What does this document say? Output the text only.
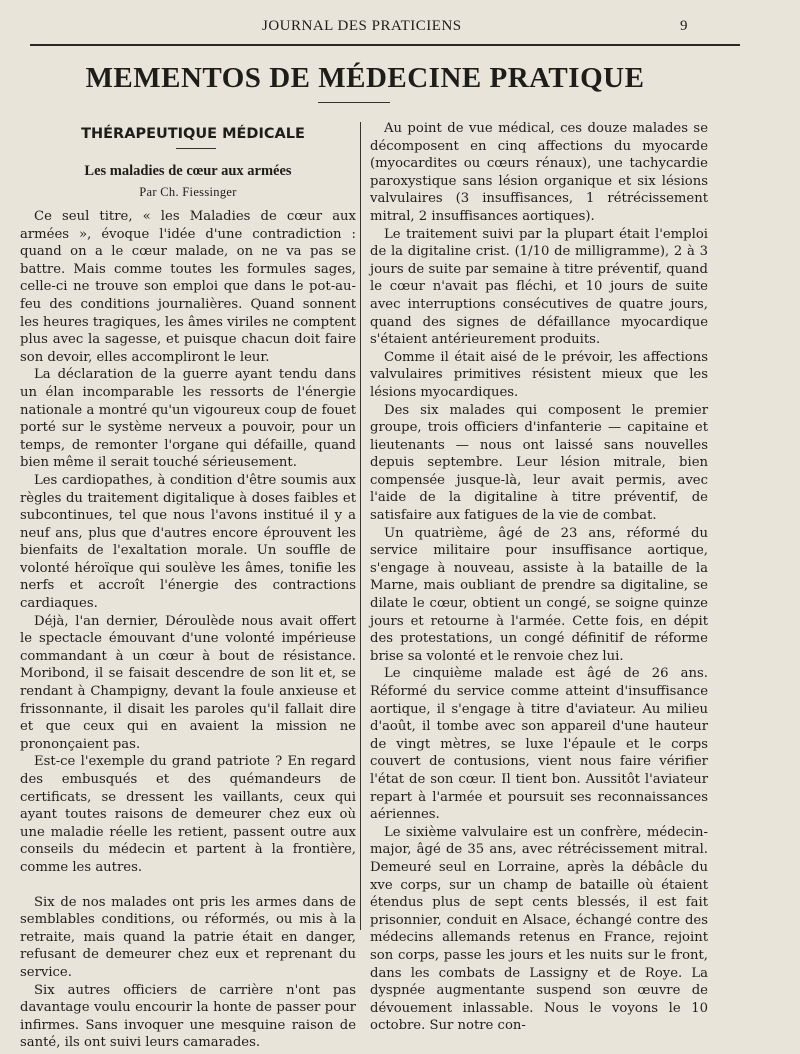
JOURNAL DES PRATICIENS	9
MEMENTOS DE MÉDECINE PRATIQUE
THÉRAPEUTIQUE MÉDICALE
Les maladies de cœur aux armées
Par Ch. Fiessinger

Ce seul titre, « les Maladies de cœur aux armées », évoque l'idée d'une contradiction : quand on a le cœur malade, on ne va pas se battre. Mais comme toutes les formules sages, celle-ci ne trouve son emploi que dans le pot-au-feu des conditions journalières. Quand sonnent les heures tragiques, les âmes viriles ne comptent plus avec la sagesse, et puisque chacun doit faire son devoir, elles accompliront le leur.

La déclaration de la guerre ayant tendu dans un élan incomparable les ressorts de l'énergie nationale a montré qu'un vigoureux coup de fouet porté sur le système nerveux a pouvoir, pour un temps, de remonter l'organe qui défaille, quand bien même il serait touché sérieusement.

Les cardiopathes, à condition d'être soumis aux règles du traitement digitalique à doses faibles et subcontinues, tel que nous l'avons institué il y a neuf ans, plus que d'autres encore éprouvent les bienfaits de l'exaltation morale. Un souffle de volonté héroïque qui soulève les âmes, tonifie les nerfs et accroît l'énergie des contractions cardiaques.

Déjà, l'an dernier, Déroulède nous avait offert le spectacle émouvant d'une volonté impérieuse commandant à un cœur à bout de résistance. Moribond, il se faisait descendre de son lit et, se rendant à Champigny, devant la foule anxieuse et frissonnante, il disait les paroles qu'il fallait dire et que ceux qui en avaient la mission ne prononçaient pas.

Est-ce l'exemple du grand patriote ? En regard des embusqués et des quémandeurs de certificats, se dressent les vaillants, ceux qui ayant toutes raisons de demeurer chez eux où une maladie réelle les retient, passent outre aux conseils du médecin et partent à la frontière, comme les autres.

Six de nos malades ont pris les armes dans de semblables conditions, ou réformés, ou mis à la retraite, mais quand la patrie était en danger, refusant de demeurer chez eux et reprenant du service.

Six autres officiers de carrière n'ont pas davantage voulu encourir la honte de passer pour infirmes. Sans invoquer une mesquine raison de santé, ils ont suivi leurs camarades.

Au point de vue médical, ces douze malades se décomposent en cinq affections du myocarde (myocardites ou cœurs rénaux), une tachycardie paroxystique sans lésion organique et six lésions valvulaires (3 insuffisances, 1 rétrécissement mitral, 2 insuffisances aortiques).

Le traitement suivi par la plupart était l'emploi de la digitaline crist. (1/10 de milligramme), 2 à 3 jours de suite par semaine à titre préventif, quand le cœur n'avait pas fléchi, et 10 jours de suite avec interruptions consécutives de quatre jours, quand des signes de défaillance myocardique s'étaient antérieurement produits.

Comme il était aisé de le prévoir, les affections valvulaires primitives résistent mieux que les lésions myocardiques.

Des six malades qui composent le premier groupe, trois officiers d'infanterie — capitaine et lieutenants — nous ont laissé sans nouvelles depuis septembre. Leur lésion mitrale, bien compensée jusque-là, leur avait permis, avec l'aide de la digitaline à titre préventif, de satisfaire aux fatigues de la vie de combat.

Un quatrième, âgé de 23 ans, réformé du service militaire pour insuffisance aortique, s'engage à nouveau, assiste à la bataille de la Marne, mais oubliant de prendre sa digitaline, se dilate le cœur, obtient un congé, se soigne quinze jours et retourne à l'armée. Cette fois, en dépit des protestations, un congé définitif de réforme brise sa volonté et le renvoie chez lui.

Le cinquième malade est âgé de 26 ans. Réformé du service comme atteint d'insuffisance aortique, il s'engage à titre d'aviateur. Au milieu d'août, il tombe avec son appareil d'une hauteur de vingt mètres, se luxe l'épaule et le corps couvert de contusions, vient nous faire vérifier l'état de son cœur. Il tient bon. Aussitôt l'aviateur repart à l'armée et poursuit ses reconnaissances aériennes.

Le sixième valvulaire est un confrère, médecin-major, âgé de 35 ans, avec rétrécissement mitral. Demeuré seul en Lorraine, après la débâcle du xve corps, sur un champ de bataille où étaient étendus plus de sept cents blessés, il est fait prisonnier, conduit en Alsace, échangé contre des médecins allemands retenus en France, rejoint son corps, passe les jours et les nuits sur le front, dans les combats de Lassigny et de Roye. La dyspnée augmentante suspend son œuvre de dévouement inlassable. Nous le voyons le 10 octobre. Sur notre con-
